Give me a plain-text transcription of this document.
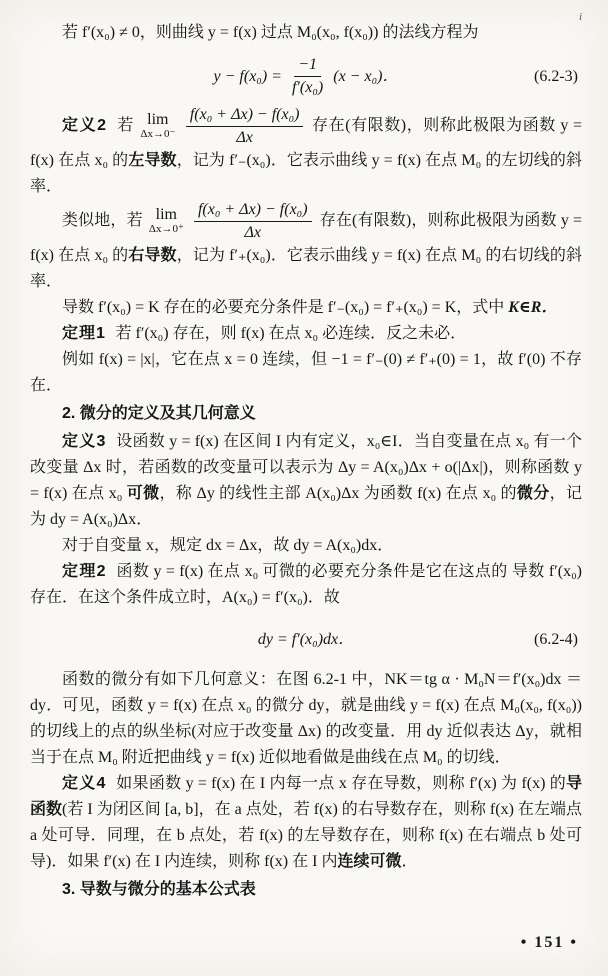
i

若 f′(x₀) ≠ 0，则曲线 y = f(x) 过点 M₀(x₀, f(x₀)) 的法线方程为

$y - f(x_0) = \frac{-1}{\text{f′(x₀)}} (x - x_0)$．	(6.2-3)

定义2 若 lim
Δx→0⁻
$\frac{\text{f(x₀ + Δx) − f(x₀)}}{\Delta x}$ 存在(有限数)，则称此极限为函数 y = f(x) 在点 x₀ 的左导数，记为 f′₋(x₀)．它表示曲线 y = f(x) 在点 M₀ 的左切线的斜率．

类似地，若 lim
Δx→0⁺
$\frac{\text{f(x₀ + Δx) − f(x₀)}}{\Delta x}$ 存在(有限数)，则称此极限为函数 y = f(x) 在点 x₀ 的右导数，记为 f′₊(x₀)．它表示曲线 y = f(x) 在点 M₀ 的右切线的斜率．

导数 f′(x₀) = K 存在的必要充分条件是 f′₋(x₀) = f′₊(x₀) = K，式中 K∈R．

定理1 若 f′(x₀) 存在，则 f(x) 在点 x₀ 必连续．反之未必．

例如 f(x) = |x|，它在点 x = 0 连续，但 −1 = f′₋(0) ≠ f′₊(0) = 1，故 f′(0) 不存在．

2. 微分的定义及其几何意义

定义3 设函数 y = f(x) 在区间 I 内有定义，x₀∈I．当自变量在点 x₀ 有一个改变量 Δx 时，若函数的改变量可以表示为 Δy = A(x₀)Δx + o(|Δx|)，则称函数 y = f(x) 在点 x₀ 可微，称 Δy 的线性主部 A(x₀)Δx 为函数 f(x) 在点 x₀ 的微分，记为 dy = A(x₀)Δx．

对于自变量 x，规定 dx = Δx，故 dy = A(x₀)dx．

定理2 函数 y = f(x) 在点 x₀ 可微的必要充分条件是它在这点的 导数 f′(x₀) 存在．在这个条件成立时，A(x₀) = f′(x₀)．故

dy = f′(x₀)dx．	(6.2-4)

函数的微分有如下几何意义：在图 6.2-1 中，NK＝tg α · M₀N＝f′(x₀)dx ＝ dy．可见，函数 y = f(x) 在点 x₀ 的微分 dy，就是曲线 y = f(x) 在点 M₀(x₀, f(x₀)) 的切线上的点的纵坐标(对应于改变量 Δx) 的改变量．用 dy 近似表达 Δy，就相当于在点 M₀ 附近把曲线 y = f(x) 近似地看做是曲线在点 M₀ 的切线．

定义4 如果函数 y = f(x) 在 I 内每一点 x 存在导数，则称 f′(x) 为 f(x) 的导函数(若 I 为闭区间 [a, b]，在 a 点处，若 f(x) 的右导数存在，则称 f(x) 在左端点 a 处可导．同理，在 b 点处，若 f(x) 的左导数存在，则称 f(x) 在右端点 b 处可导)．如果 f′(x) 在 I 内连续，则称 f(x) 在 I 内连续可微．

3. 导数与微分的基本公式表

• 151 •
